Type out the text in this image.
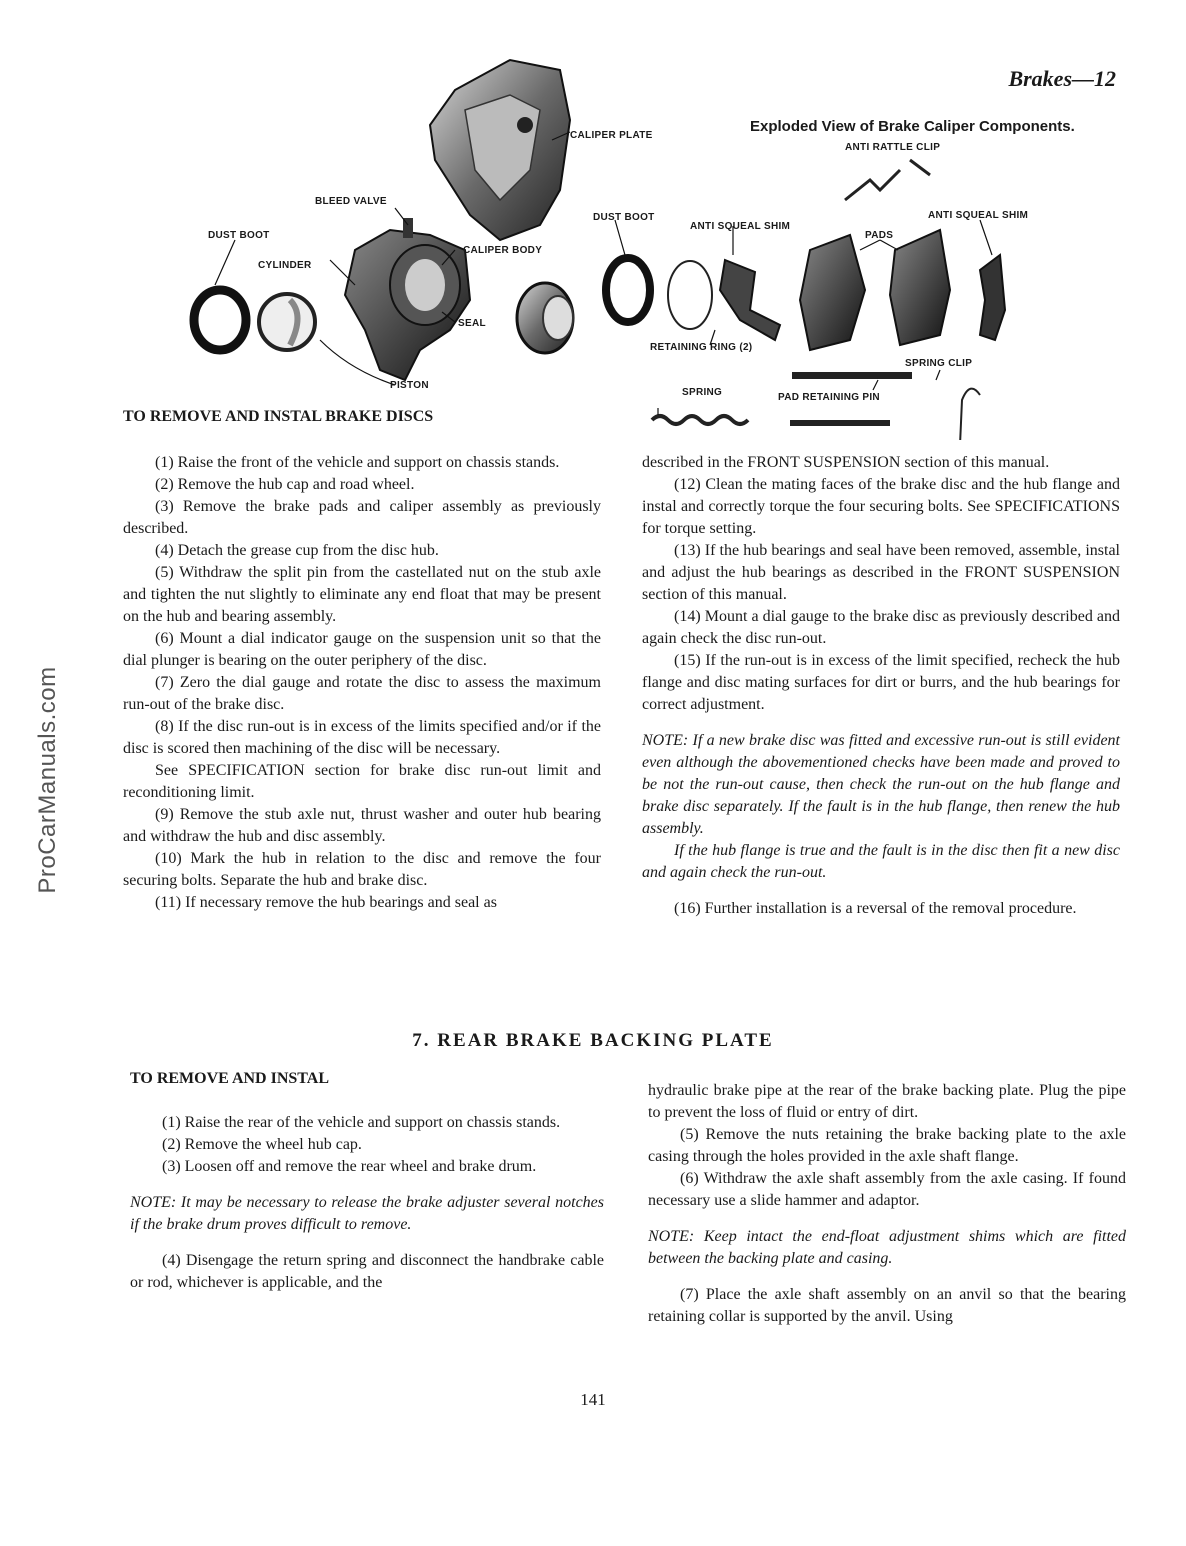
ProCarManuals.com
Brakes—12
CALIPER PLATE
BLEED VALVE
DUST BOOT
CYLINDER
CALIPER BODY
SEAL
PISTON
DUST BOOT
ANTI SQUEAL SHIM
Exploded View of Brake Caliper Components.
ANTI RATTLE CLIP
PADS
ANTI SQUEAL SHIM
RETAINING RING (2)
SPRING CLIP
SPRING	PAD RETAINING PIN
TO REMOVE AND INSTAL BRAKE DISCS

(1) Raise the front of the vehicle and support on chassis stands.

(2) Remove the hub cap and road wheel.

(3) Remove the brake pads and caliper assembly as previously described.

(4) Detach the grease cup from the disc hub.

(5) Withdraw the split pin from the castellated nut on the stub axle and tighten the nut slightly to eliminate any end float that may be present on the hub and bearing assembly.

(6) Mount a dial indicator gauge on the suspension unit so that the dial plunger is bearing on the outer periphery of the disc.

(7) Zero the dial gauge and rotate the disc to assess the maximum run-out of the brake disc.

(8) If the disc run-out is in excess of the limits specified and/or if the disc is scored then machining of the disc will be necessary.

See SPECIFICATION section for brake disc run-out limit and reconditioning limit.

(9) Remove the stub axle nut, thrust washer and outer hub bearing and withdraw the hub and disc assembly.

(10) Mark the hub in relation to the disc and remove the four securing bolts. Separate the hub and brake disc.

(11) If necessary remove the hub bearings and seal as

described in the FRONT SUSPENSION section of this manual.

(12) Clean the mating faces of the brake disc and the hub flange and instal and correctly torque the four securing bolts. See SPECIFICATIONS for torque setting.

(13) If the hub bearings and seal have been removed, assemble, instal and adjust the hub bearings as described in the FRONT SUSPENSION section of this manual.

(14) Mount a dial gauge to the brake disc as previously described and again check the disc run-out.

(15) If the run-out is in excess of the limit specified, recheck the hub flange and disc mating surfaces for dirt or burrs, and the hub bearings for correct adjustment.

NOTE: If a new brake disc was fitted and excessive run-out is still evident even although the abovementioned checks have been made and proved to be not the run-out cause, then check the run-out on the hub flange and brake disc separately. If the fault is in the hub flange, then renew the hub assembly.

If the hub flange is true and the fault is in the disc then fit a new disc and again check the run-out.

(16) Further installation is a reversal of the removal procedure.

7. REAR BRAKE BACKING PLATE
TO REMOVE AND INSTAL

(1) Raise the rear of the vehicle and support on chassis stands.

(2) Remove the wheel hub cap.

(3) Loosen off and remove the rear wheel and brake drum.

NOTE: It may be necessary to release the brake adjuster several notches if the brake drum proves difficult to remove.

(4) Disengage the return spring and disconnect the handbrake cable or rod, whichever is applicable, and the

hydraulic brake pipe at the rear of the brake backing plate. Plug the pipe to prevent the loss of fluid or entry of dirt.

(5) Remove the nuts retaining the brake backing plate to the axle casing through the holes provided in the axle shaft flange.

(6) Withdraw the axle shaft assembly from the axle casing. If found necessary use a slide hammer and adaptor.

NOTE: Keep intact the end-float adjustment shims which are fitted between the backing plate and casing.

(7) Place the axle shaft assembly on an anvil so that the bearing retaining collar is supported by the anvil. Using

141
